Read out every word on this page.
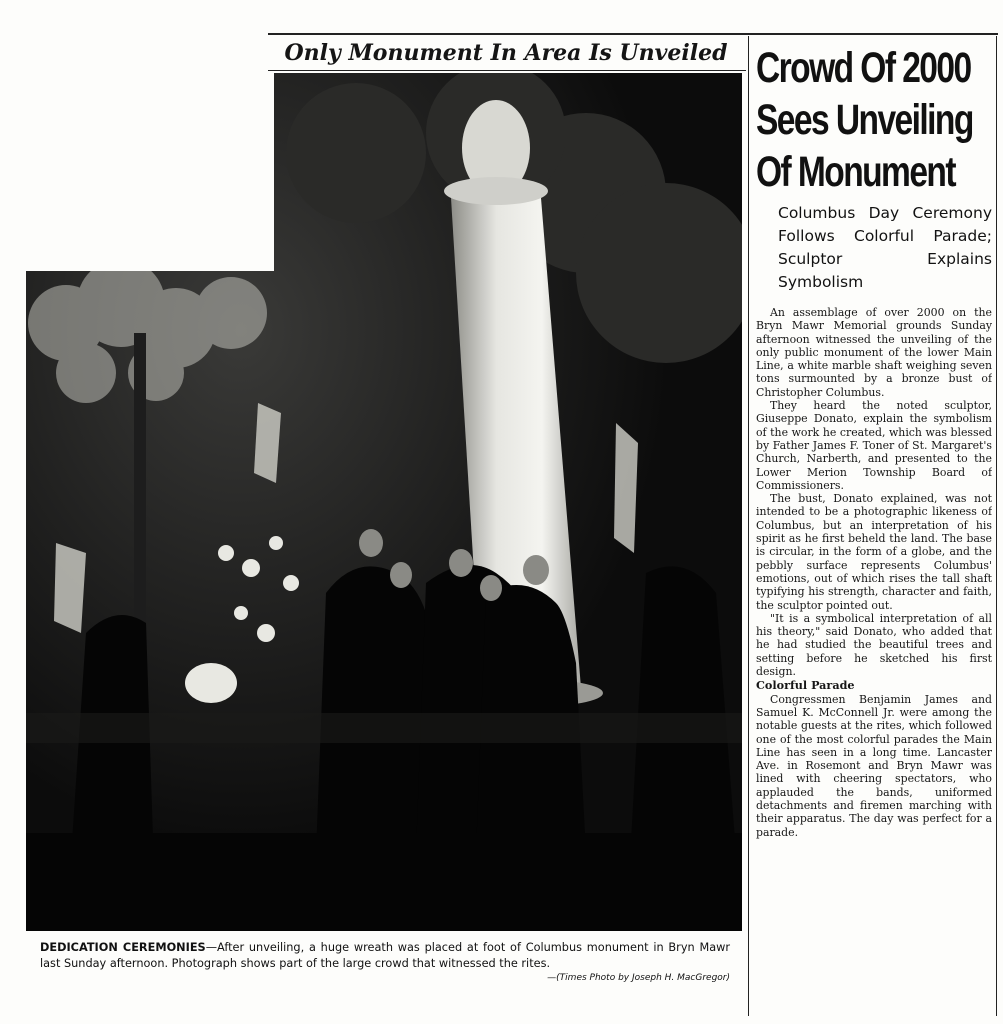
Only Monument In Area Is Unveiled
DEDICATION CEREMONIES—After unveiling, a huge wreath was placed at foot of Columbus monument in Bryn Mawr last Sunday afternoon. Photograph shows part of the large crowd that witnessed the rites.
—(Times Photo by Joseph H. MacGregor)
Crowd Of 2000
Sees Unveiling
Of Monument
Columbus Day Ceremony Follows Colorful Parade; Sculptor Explains Symbolism

An assemblage of over 2000 on the Bryn Mawr Memorial grounds Sunday afternoon witnessed the unveiling of the only public monument of the lower Main Line, a white marble shaft weighing seven tons surmounted by a bronze bust of Christopher Columbus.

They heard the noted sculptor, Giuseppe Donato, explain the symbolism of the work he created, which was blessed by Father James F. Toner of St. Margaret's Church, Narberth, and presented to the Lower Merion Township Board of Commissioners.

The bust, Donato explained, was not intended to be a photographic likeness of Columbus, but an interpretation of his spirit as he first beheld the land. The base is circular, in the form of a globe, and the pebbly surface represents Columbus' emotions, out of which rises the tall shaft typifying his strength, character and faith, the sculptor pointed out.

"It is a symbolical interpretation of all his theory," said Donato, who added that he had studied the beautiful trees and setting before he sketched his first design.

Colorful Parade

Congressmen Benjamin James and Samuel K. McConnell Jr. were among the notable guests at the rites, which followed one of the most colorful parades the Main Line has seen in a long time. Lancaster Ave. in Rosemont and Bryn Mawr was lined with cheering spectators, who applauded the bands, uniformed detachments and firemen marching with their apparatus. The day was perfect for a parade.
